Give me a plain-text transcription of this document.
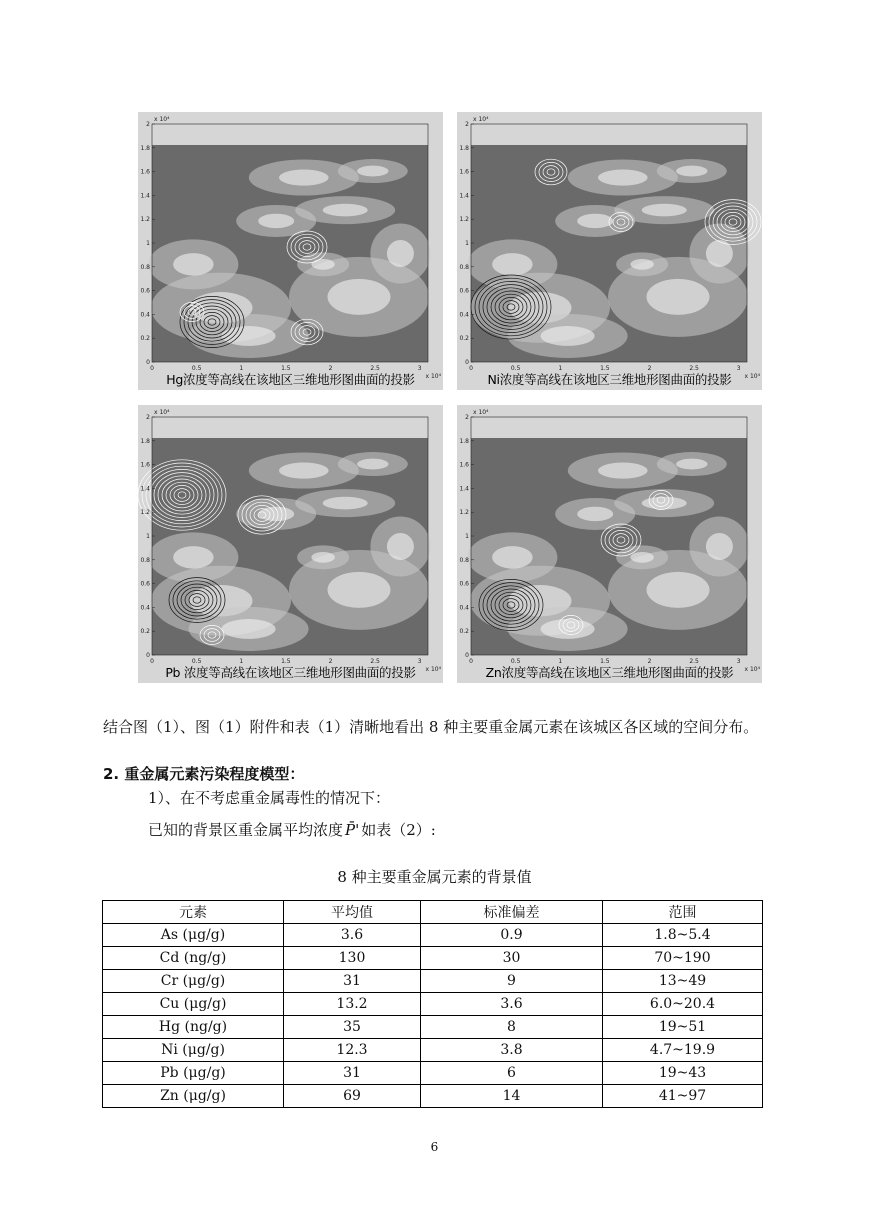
0
0.2
0.4
0.6
0.8
1
1.2
1.4
1.6
1.8
2
0	0.5	1	1.5	2	2.5	3
x 10⁴
x 10⁴
Hg浓度等高线在该地区三维地形图曲面的投影
0
0.2
0.4
0.6
0.8
1
1.2
1.4
1.6
1.8
2
0	0.5	1	1.5	2	2.5	3
x 10⁴
x 10⁴
Ni浓度等高线在该地区三维地形图曲面的投影
0
0.2
0.4
0.6
0.8
1
1.2
1.4
1.6
1.8
2
0	0.5	1	1.5	2	2.5	3
x 10⁴
x 10⁴
Pb 浓度等高线在该地区三维地形图曲面的投影
0
0.2
0.4
0.6
0.8
1
1.2
1.4
1.6
1.8
2
0	0.5	1	1.5	2	2.5	3
x 10⁴
x 10⁴
Zn浓度等高线在该地区三维地形图曲面的投影
结合图（1）、图（1）附件和表（1）清晰地看出 8 种主要重金属元素在该城区各区域的空间分布。
2. 重金属元素污染程度模型：
1）、在不考虑重金属毒性的情况下：
已知的背景区重金属平均浓度 P̄' 如表（2）:
8 种主要重金属元素的背景值
元素	平均值	标准偏差	范围
As (μg/g)	3.6	0.9	1.8~5.4
Cd (ng/g)	130	30	70~190
Cr (μg/g)	31	9	13~49
Cu (μg/g)	13.2	3.6	6.0~20.4
Hg (ng/g)	35	8	19~51
Ni (μg/g)	12.3	3.8	4.7~19.9
Pb (μg/g)	31	6	19~43
Zn (μg/g)	69	14	41~97
6
